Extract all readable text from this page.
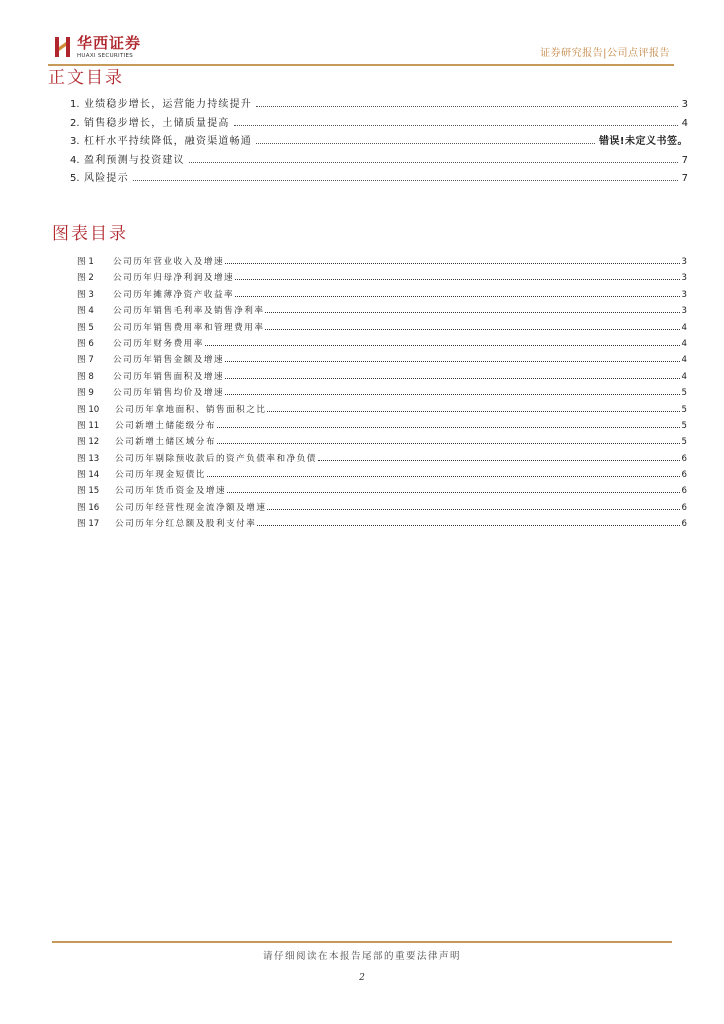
华西证券
HUAXI SECURITIES	证券研究报告|公司点评报告
正文目录
1. 业绩稳步增长，运营能力持续提升	3
2. 销售稳步增长，土储质量提高	4
3. 杠杆水平持续降低，融资渠道畅通	错误!未定义书签。
4. 盈利预测与投资建议	7
5. 风险提示	7
图表目录
图 1	公司历年营业收入及增速	3
图 2	公司历年归母净利润及增速	3
图 3	公司历年摊薄净资产收益率	3
图 4	公司历年销售毛利率及销售净利率	3
图 5	公司历年销售费用率和管理费用率	4
图 6	公司历年财务费用率	4
图 7	公司历年销售金额及增速	4
图 8	公司历年销售面积及增速	4
图 9	公司历年销售均价及增速	5
图 10	公司历年拿地面积、销售面积之比	5
图 11	公司新增土储能级分布	5
图 12	公司新增土储区域分布	5
图 13	公司历年剔除预收款后的资产负债率和净负债	6
图 14	公司历年现金短债比	6
图 15	公司历年货币资金及增速	6
图 16	公司历年经营性现金流净额及增速	6
图 17	公司历年分红总额及股利支付率	6
请仔细阅读在本报告尾部的重要法律声明
2
